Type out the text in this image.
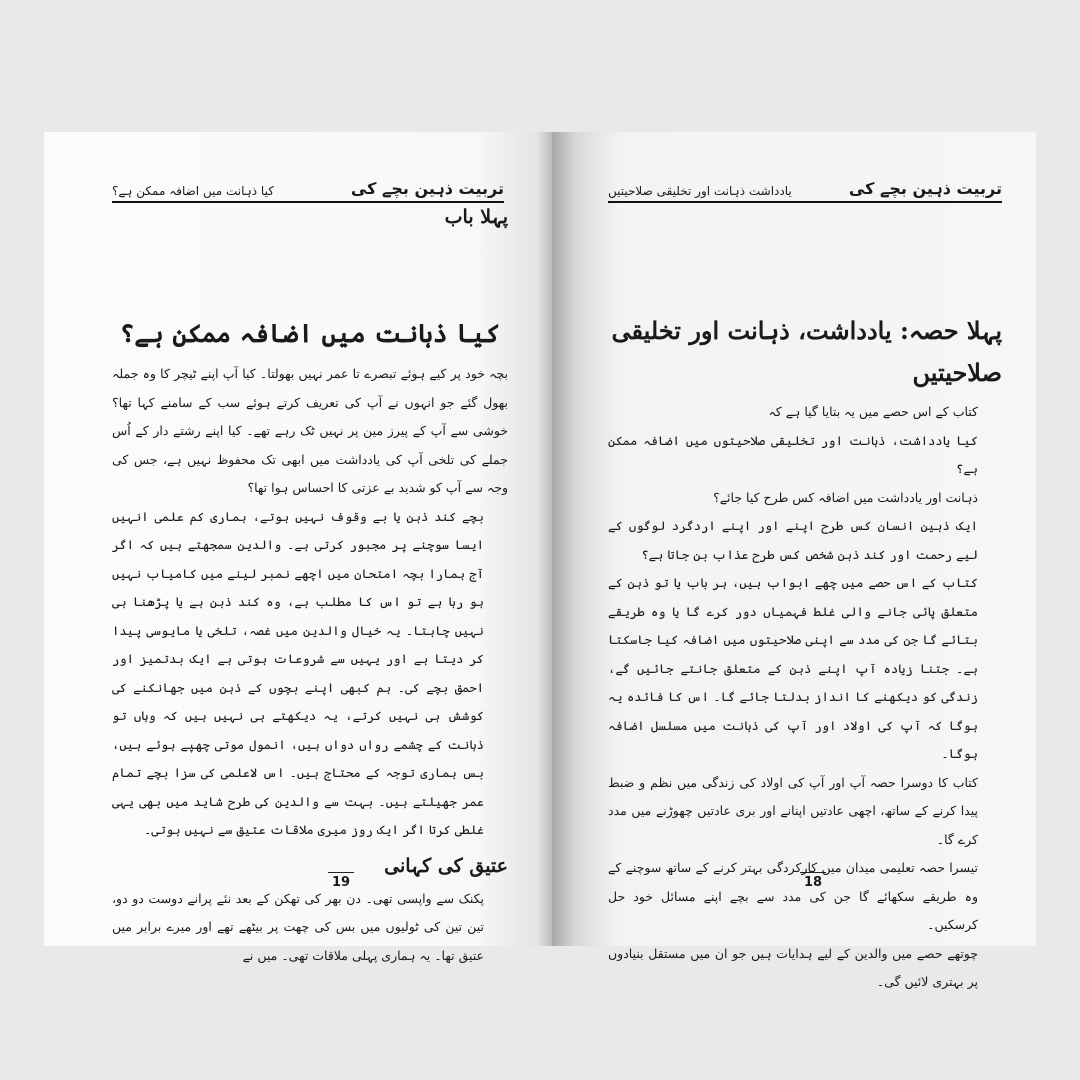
تربیت ذہین بچے کی
کیا ذہانت میں اضافہ ممکن ہے؟

پہلا باب

کیا ذہانت میں اضافہ ممکن ہے؟

بچہ خود پر کیے ہوئے تبصرے تا عمر نہیں بھولتا۔ کیا آپ اپنے ٹیچر کا وہ جملہ بھول گئے جو انہوں نے آپ کی تعریف کرتے ہوئے سب کے سامنے کہا تھا؟ خوشی سے آپ کے پیرز مین پر نہیں ٹک رہے تھے۔ کیا اپنے رشتے دار کے اُس جملے کی تلخی آپ کی یادداشت میں ابھی تک محفوظ نہیں ہے، جس کی وجہ سے آپ کو شدید بے عزتی کا احساس ہوا تھا؟

بچے کند ذہن یا بے وقوف نہیں ہوتے، ہماری کم علمی انہیں ایسا سوچنے پر مجبور کرتی ہے۔ والدین سمجھتے ہیں کہ اگر آج ہمارا بچہ امتحان میں اچھے نمبر لینے میں کامیاب نہیں ہو رہا ہے تو اس کا مطلب ہے، وہ کند ذہن ہے یا پڑھنا ہی نہیں چاہتا۔ یہ خیال والدین میں غصہ، تلخی یا مایوسی پیدا کر دیتا ہے اور یہیں سے شروعات ہوتی ہے ایک بدتمیز اور احمق بچے کی۔ ہم کبھی اپنے بچوں کے ذہن میں جھانکنے کی کوشش ہی نہیں کرتے، یہ دیکھتے ہی نہیں ہیں کہ وہاں تو ذہانت کے چشمے رواں دواں ہیں، انمول موتی چھپے ہوئے ہیں، بس ہماری توجہ کے محتاج ہیں۔ اس لاعلمی کی سزا بچے تمام عمر جھیلتے ہیں۔ بہت سے والدین کی طرح شاید میں بھی یہی غلطی کرتا اگر ایک روز میری ملاقات عتیق سے نہیں ہوتی۔

عتیق کی کہانی

پکنک سے واپسی تھی۔ دن بھر کی تھکن کے بعد نئے پرانے دوست دو دو، تین تین کی ٹولیوں میں بس کی چھت پر بیٹھے تھے اور میرے برابر میں عتیق تھا۔ یہ ہماری پہلی ملاقات تھی۔ میں نے

19
تربیت ذہین بچے کی
یادداشت ذہانت اور تخلیقی صلاحیتیں

پہلا حصہ: یادداشت، ذہانت اور تخلیقی صلاحیتیں

کتاب کے اس حصے میں یہ بتایا گیا ہے کہ

کیا یادداشت، ذہانت اور تخلیقی صلاحیتوں میں اضافہ ممکن ہے؟

ذہانت اور یادداشت میں اضافہ کس طرح کیا جائے؟

ایک ذہین انسان کس طرح اپنے اور اپنے اردگرد لوگوں کے لیے رحمت اور کند ذہن شخص کس طرح عذاب بن جاتا ہے؟

کتاب کے اس حصے میں چھے ابواب ہیں، ہر باب یا تو ذہن کے متعلق پائی جانے والی غلط فہمیاں دور کرے گا یا وہ طریقے بتائے گا جن کی مدد سے اپنی صلاحیتوں میں اضافہ کیا جاسکتا ہے۔ جتنا زیادہ آپ اپنے ذہن کے متعلق جانتے جائیں گے، زندگی کو دیکھنے کا انداز بدلتا جائے گا۔ اس کا فائدہ یہ ہوگا کہ آپ کی اولاد اور آپ کی ذہانت میں مسلسل اضافہ ہوگا۔

کتاب کا دوسرا حصہ آپ اور آپ کی اولاد کی زندگی میں نظم و ضبط پیدا کرنے کے ساتھ، اچھی عادتیں اپنانے اور بری عادتیں چھوڑنے میں مدد کرے گا۔

تیسرا حصہ تعلیمی میدان میں کارکردگی بہتر کرنے کے ساتھ سوچنے کے وہ طریقے سکھائے گا جن کی مدد سے بچے اپنے مسائل خود حل کرسکیں۔

چوتھے حصے میں والدین کے لیے ہدایات ہیں جو ان میں مستقل بنیادوں پر بہتری لائیں گی۔

18
